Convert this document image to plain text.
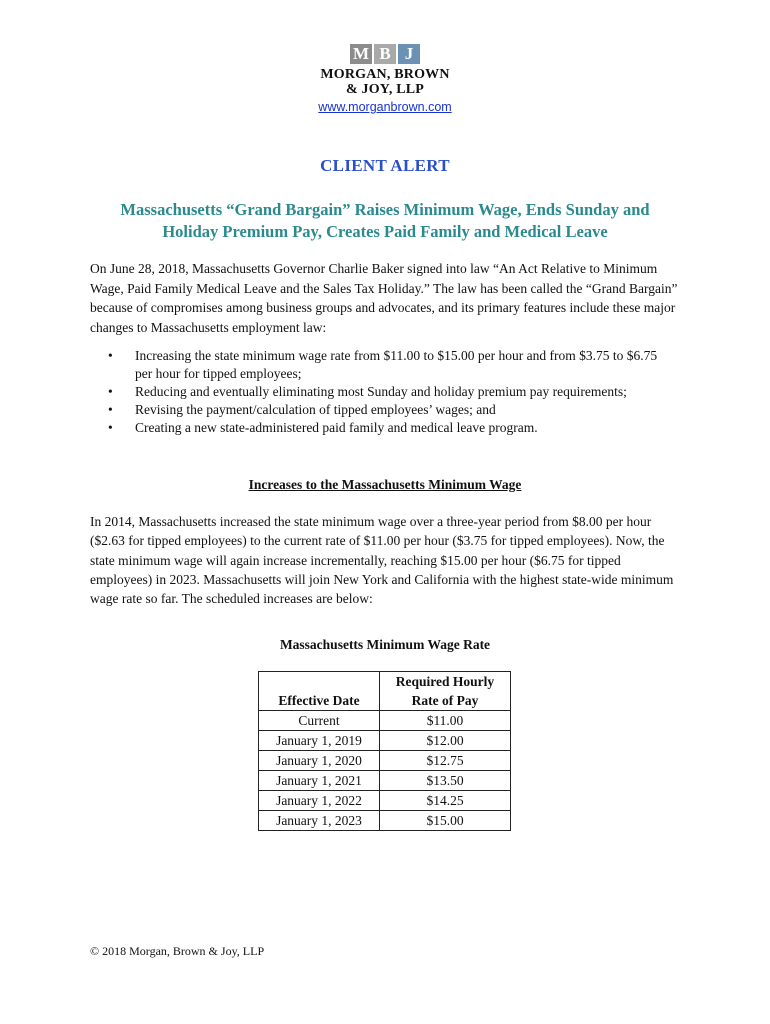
M B J
MORGAN, BROWN
& JOY, LLP
www.morganbrown.com
CLIENT ALERT
Massachusetts “Grand Bargain” Raises Minimum Wage, Ends Sunday and
Holiday Premium Pay, Creates Paid Family and Medical Leave

On June 28, 2018, Massachusetts Governor Charlie Baker signed into law “An Act Relative to Minimum Wage, Paid Family Medical Leave and the Sales Tax Holiday.” The law has been called the “Grand Bargain” because of compromises among business groups and advocates, and its primary features include these major changes to Massachusetts employment law:

• Increasing the state minimum wage rate from $11.00 to $15.00 per hour and from $3.75 to $6.75 per hour for tipped employees;
• Reducing and eventually eliminating most Sunday and holiday premium pay requirements;
• Revising the payment/calculation of tipped employees’ wages; and
• Creating a new state-administered paid family and medical leave program.
Increases to the Massachusetts Minimum Wage

In 2014, Massachusetts increased the state minimum wage over a three-year period from $8.00 per hour ($2.63 for tipped employees) to the current rate of $11.00 per hour ($3.75 for tipped employees). Now, the state minimum wage will again increase incrementally, reaching $15.00 per hour ($6.75 for tipped employees) in 2023. Massachusetts will join New York and California with the highest state-wide minimum wage rate so far. The scheduled increases are below:

Massachusetts Minimum Wage Rate
Effective Date	Required Hourly
Rate of Pay

Current	$11.00
January 1, 2019	$12.00
January 1, 2020	$12.75
January 1, 2021	$13.50
January 1, 2022	$14.25
January 1, 2023	$15.00
© 2018 Morgan, Brown & Joy, LLP
